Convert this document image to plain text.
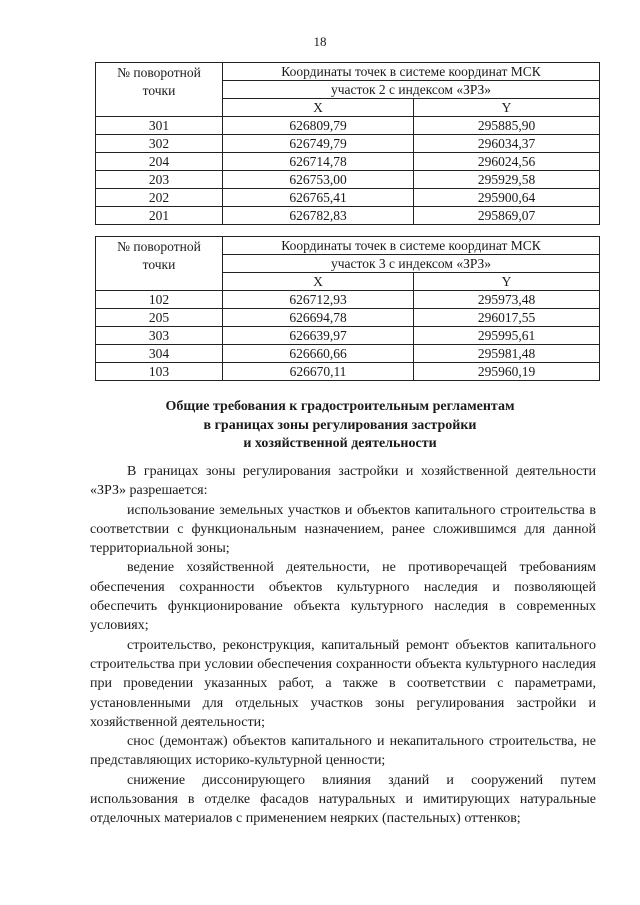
18
№ поворотной точки	Координаты точек в системе координат МСК	
	участок 2 с индексом «ЗРЗ»	
	X	Y
301	626809,79	295885,90
302	626749,79	296034,37
204	626714,78	296024,56
203	626753,00	295929,58
202	626765,41	295900,64
201	626782,83	295869,07
№ поворотной точки	Координаты точек в системе координат МСК	
	участок 3 с индексом «ЗРЗ»	
	X	Y
102	626712,93	295973,48
205	626694,78	296017,55
303	626639,97	295995,61
304	626660,66	295981,48
103	626670,11	295960,19
Общие требования к градостроительным регламентам
в границах зоны регулирования застройки
и хозяйственной деятельности

В границах зоны регулирования застройки и хозяйственной деятельности «ЗРЗ» разрешается:

использование земельных участков и объектов капитального строительства в соответствии с функциональным назначением, ранее сложившимся для данной территориальной зоны;

ведение хозяйственной деятельности, не противоречащей требованиям обеспечения сохранности объектов культурного наследия и позволяющей обеспечить функционирование объекта культурного наследия в современных условиях;

строительство, реконструкция, капитальный ремонт объектов капитального строительства при условии обеспечения сохранности объекта культурного наследия при проведении указанных работ, а также в соответствии с параметрами, установленными для отдельных участков зоны регулирования застройки и хозяйственной деятельности;

снос (демонтаж) объектов капитального и некапитального строительства, не представляющих историко-культурной ценности;

снижение диссонирующего влияния зданий и сооружений путем использования в отделке фасадов натуральных и имитирующих натуральные отделочных материалов с применением неярких (пастельных) оттенков;
